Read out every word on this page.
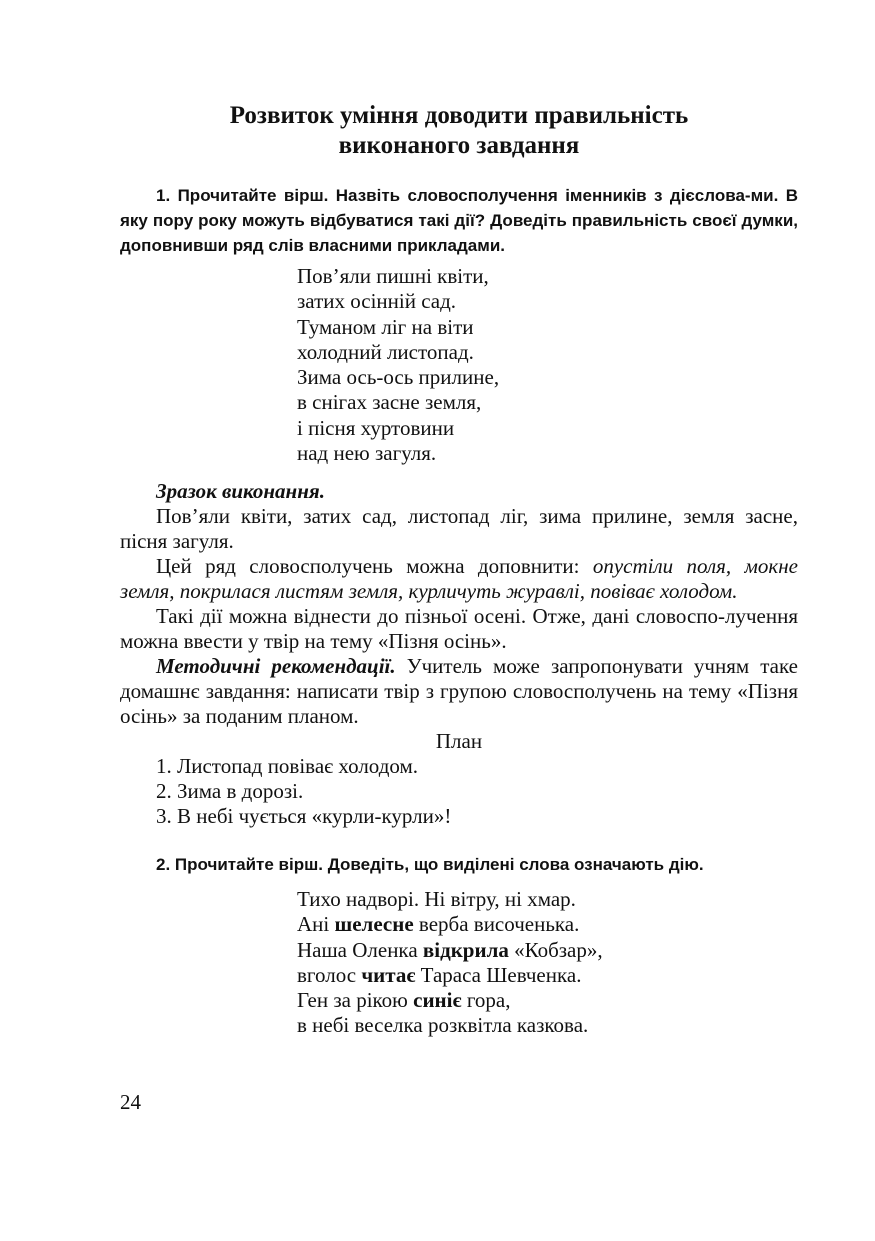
Розвиток уміння доводити правильність
виконаного завдання

1. Прочитайте вірш. Назвіть словосполучення іменників з дієслова-ми. В яку пору року можуть відбуватися такі дії? Доведіть правильність своєї думки, доповнивши ряд слів власними прикладами.

Пов’яли пишні квіти,
затих осінній сад.
Туманом ліг на віти
холодний листопад.
Зима ось-ось прилине,
в снігах засне земля,
і пісня хуртовини
над нею загуля.

Зразок виконання.

Пов’яли квіти, затих сад, листопад ліг, зима прилине, земля засне, пісня загуля.

Цей ряд словосполучень можна доповнити: опустіли поля, мокне земля, покрилася листям земля, курличуть журавлі, повіває холодом.

Такі дії можна віднести до пізньої осені. Отже, дані словоспо-лучення можна ввести у твір на тему «Пізня осінь».

Методичні рекомендації. Учитель може запропонувати учням таке домашнє завдання: написати твір з групою словосполучень на тему «Пізня осінь» за поданим планом.

План

1. Листопад повіває холодом.

2. Зима в дорозі.

3. В небі чується «курли-курли»!

2. Прочитайте вірш. Доведіть, що виділені слова означають дію.

Тихо надворі. Ні вітру, ні хмар.
Ані шелесне верба височенька.
Наша Оленка відкрила «Кобзар»,
вголос читає Тараса Шевченка.
Ген за рікою синіє гора,
в небі веселка розквітла казкова.
24
